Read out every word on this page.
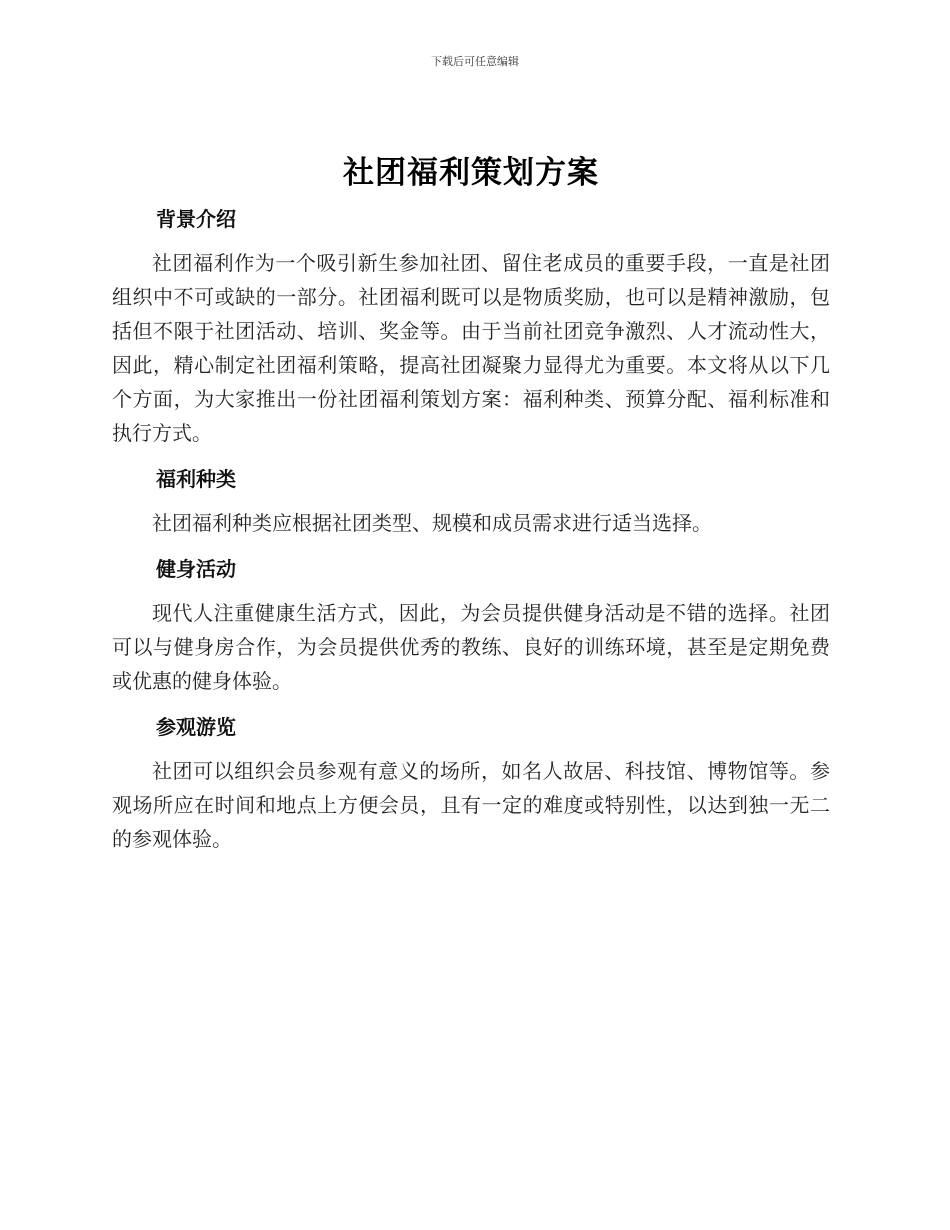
下载后可任意编辑
社团福利策划方案
背景介绍

社团福利作为一个吸引新生参加社团、留住老成员的重要手段，一直是社团组织中不可或缺的一部分。社团福利既可以是物质奖励，也可以是精神激励，包括但不限于社团活动、培训、奖金等。由于当前社团竞争激烈、人才流动性大，因此，精心制定社团福利策略，提高社团凝聚力显得尤为重要。本文将从以下几个方面，为大家推出一份社团福利策划方案：福利种类、预算分配、福利标准和执行方式。

福利种类

社团福利种类应根据社团类型、规模和成员需求进行适当选择。

健身活动

现代人注重健康生活方式，因此，为会员提供健身活动是不错的选择。社团可以与健身房合作，为会员提供优秀的教练、良好的训练环境，甚至是定期免费或优惠的健身体验。

参观游览

社团可以组织会员参观有意义的场所，如名人故居、科技馆、博物馆等。参观场所应在时间和地点上方便会员，且有一定的难度或特别性，以达到独一无二的参观体验。
